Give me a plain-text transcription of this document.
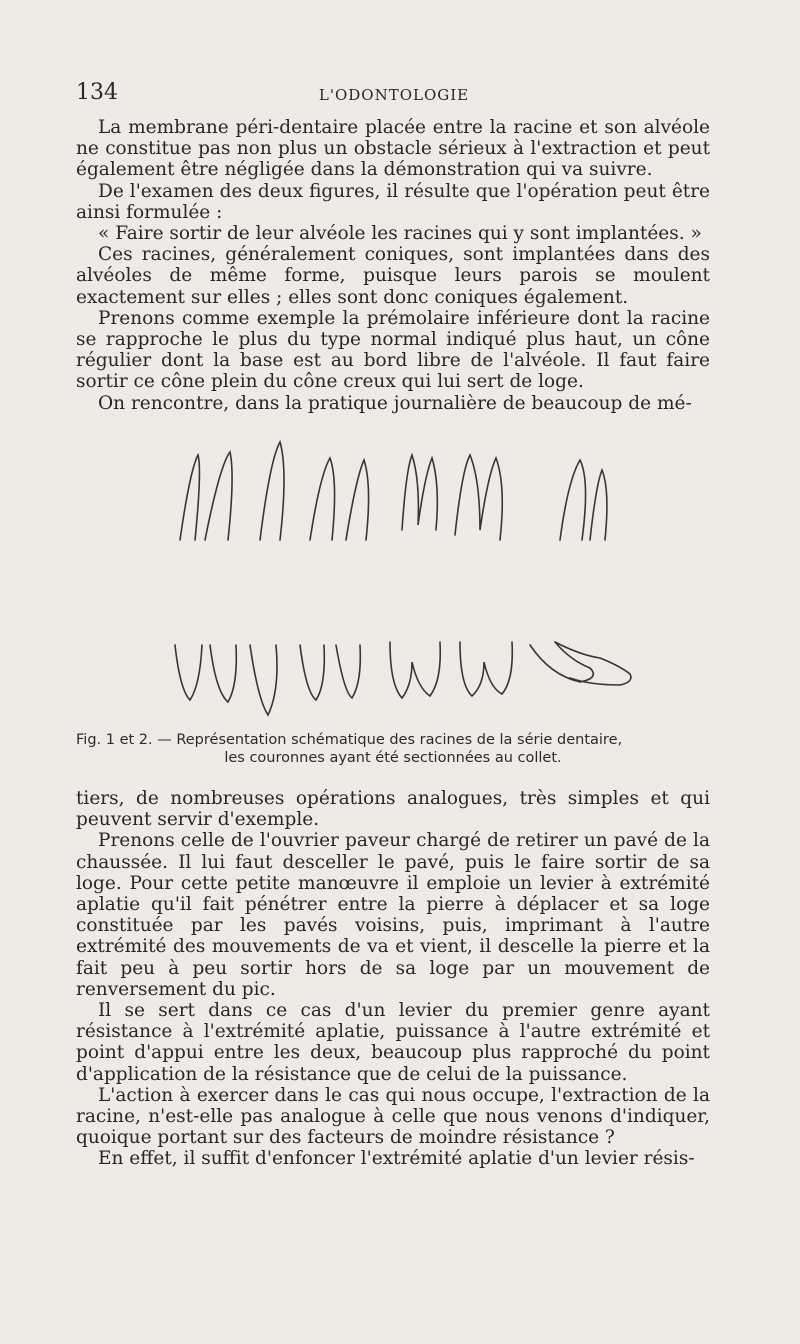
134	L'ODONTOLOGIE

La membrane péri-dentaire placée entre la racine et son alvéole ne constitue pas non plus un obstacle sérieux à l'extraction et peut également être négligée dans la démonstration qui va suivre.

De l'examen des deux figures, il résulte que l'opération peut être ainsi formulée :

« Faire sortir de leur alvéole les racines qui y sont implantées. »

Ces racines, généralement coniques, sont implantées dans des alvéoles de même forme, puisque leurs parois se moulent exactement sur elles ; elles sont donc coniques également.

Prenons comme exemple la prémolaire inférieure dont la racine se rapproche le plus du type normal indiqué plus haut, un cône régulier dont la base est au bord libre de l'alvéole. Il faut faire sortir ce cône plein du cône creux qui lui sert de loge.

On rencontre, dans la pratique journalière de beaucoup de mé-

Fig. 1 et 2. — Représentation schématique des racines de la série dentaire,
les couronnes ayant été sectionnées au collet.

tiers, de nombreuses opérations analogues, très simples et qui peuvent servir d'exemple.

Prenons celle de l'ouvrier paveur chargé de retirer un pavé de la chaussée. Il lui faut desceller le pavé, puis le faire sortir de sa loge. Pour cette petite manœuvre il emploie un levier à extrémité aplatie qu'il fait pénétrer entre la pierre à déplacer et sa loge constituée par les pavés voisins, puis, imprimant à l'autre extrémité des mouvements de va et vient, il descelle la pierre et la fait peu à peu sortir hors de sa loge par un mouvement de renversement du pic.

Il se sert dans ce cas d'un levier du premier genre ayant résistance à l'extrémité aplatie, puissance à l'autre extrémité et point d'appui entre les deux, beaucoup plus rapproché du point d'application de la résistance que de celui de la puissance.

L'action à exercer dans le cas qui nous occupe, l'extraction de la racine, n'est-elle pas analogue à celle que nous venons d'indiquer, quoique portant sur des facteurs de moindre résistance ?

En effet, il suffit d'enfoncer l'extrémité aplatie d'un levier résis-
